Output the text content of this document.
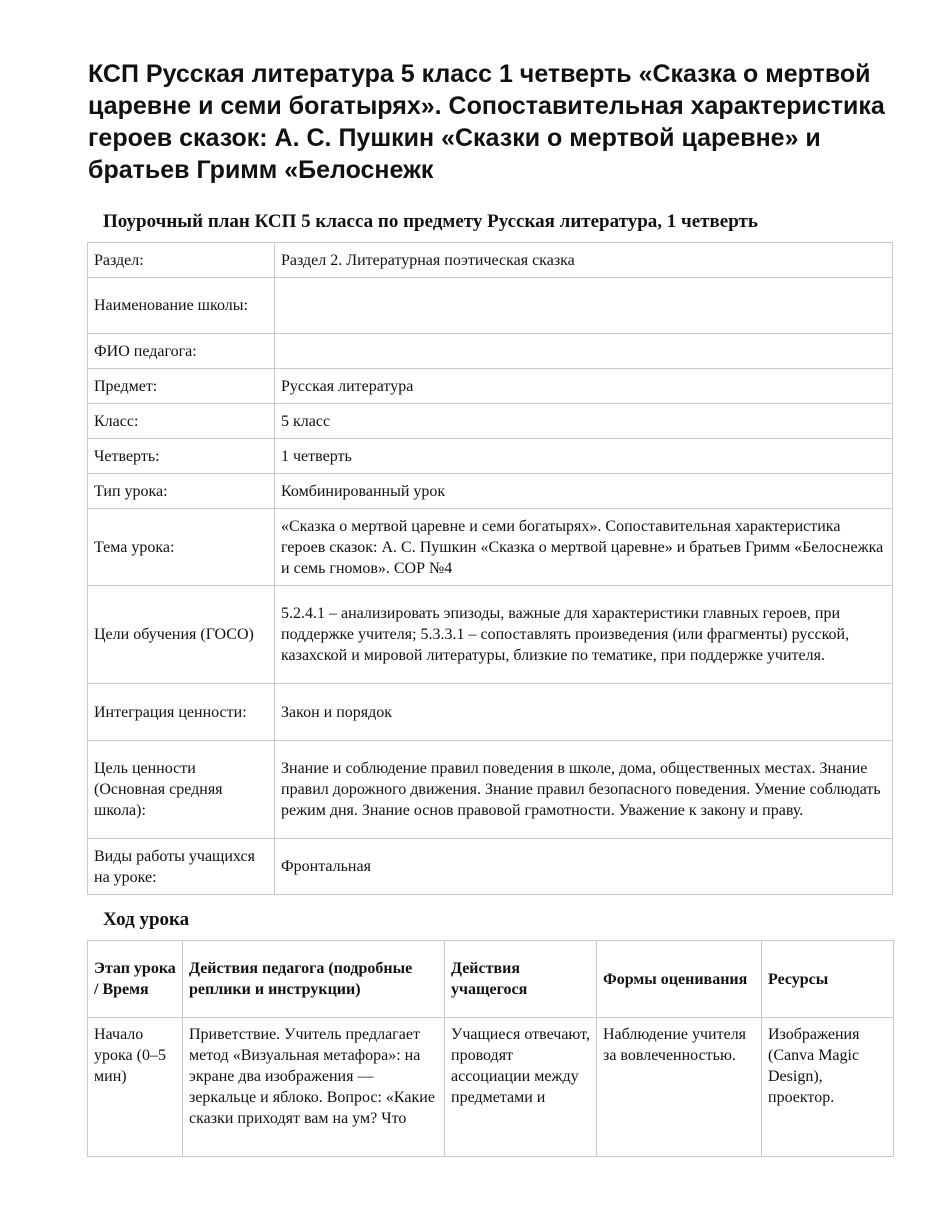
КСП Русская литература 5 класс 1 четверть «Сказка о мертвой царевне и семи богатырях». Сопоставительная характеристика героев сказок: А. С. Пушкин «Сказки о мертвой царевне» и братьев Гримм «Белоснежк
Поурочный план КСП 5 класса по предмету Русская литература, 1 четверть
Раздел:	Раздел 2. Литературная поэтическая сказка
Наименование школы:	
ФИО педагога:	
Предмет:	Русская литература
Класс:	5 класс
Четверть:	1 четверть
Тип урока:	Комбинированный урок
Тема урока:	«Сказка о мертвой царевне и семи богатырях». Сопоставительная характеристика героев сказок: А. С. Пушкин «Сказка о мертвой царевне» и братьев Гримм «Белоснежка и семь гномов». СОР №4
Цели обучения (ГОСО)	5.2.4.1 – анализировать эпизоды, важные для характеристики главных героев, при поддержке учителя; 5.3.3.1 – сопоставлять произведения (или фрагменты) русской, казахской и мировой литературы, близкие по тематике, при поддержке учителя.
Интеграция ценности:	Закон и порядок
Цель ценности (Основная средняя школа):	Знание и соблюдение правил поведения в школе, дома, общественных местах. Знание правил дорожного движения. Знание правил безопасного поведения. Умение соблюдать режим дня. Знание основ правовой грамотности. Уважение к закону и праву.
Виды работы учащихся на уроке:	Фронтальная
Ход урока
Этап урока / Время	Действия педагога (подробные реплики и инструкции)	Действия учащегося	Формы оценивания	Ресурсы

Начало урока (0–5 мин)	Приветствие. Учитель предлагает метод «Визуальная метафора»: на экране два изображения — зеркальце и яблоко. Вопрос: «Какие сказки приходят вам на ум? Что	Учащиеся отвечают, проводят ассоциации между предметами и	Наблюдение учителя за вовлеченностью.	Изображения (Canva Magic Design), проектор.
